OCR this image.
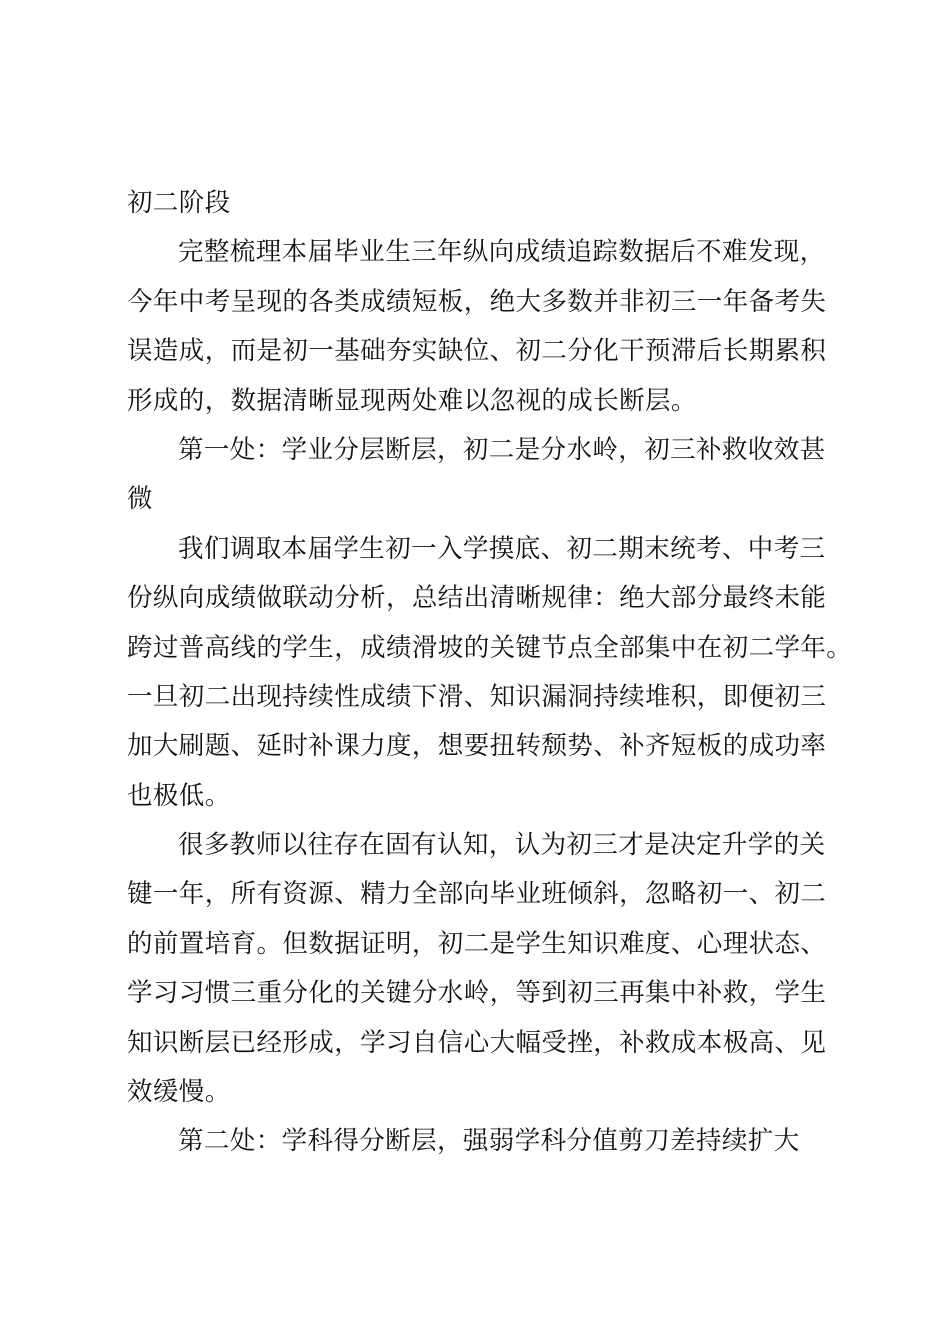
初二阶段
完整梳理本届毕业生三年纵向成绩追踪数据后不难发现，
今年中考呈现的各类成绩短板，绝大多数并非初三一年备考失
误造成，而是初一基础夯实缺位、初二分化干预滞后长期累积
形成的，数据清晰显现两处难以忽视的成长断层。
第一处：学业分层断层，初二是分水岭，初三补救收效甚
微
我们调取本届学生初一入学摸底、初二期末统考、中考三
份纵向成绩做联动分析，总结出清晰规律：绝大部分最终未能
跨过普高线的学生，成绩滑坡的关键节点全部集中在初二学年。
一旦初二出现持续性成绩下滑、知识漏洞持续堆积，即便初三
加大刷题、延时补课力度，想要扭转颓势、补齐短板的成功率
也极低。
很多教师以往存在固有认知，认为初三才是决定升学的关
键一年，所有资源、精力全部向毕业班倾斜，忽略初一、初二
的前置培育。但数据证明，初二是学生知识难度、心理状态、
学习习惯三重分化的关键分水岭，等到初三再集中补救，学生
知识断层已经形成，学习自信心大幅受挫，补救成本极高、见
效缓慢。
第二处：学科得分断层，强弱学科分值剪刀差持续扩大
